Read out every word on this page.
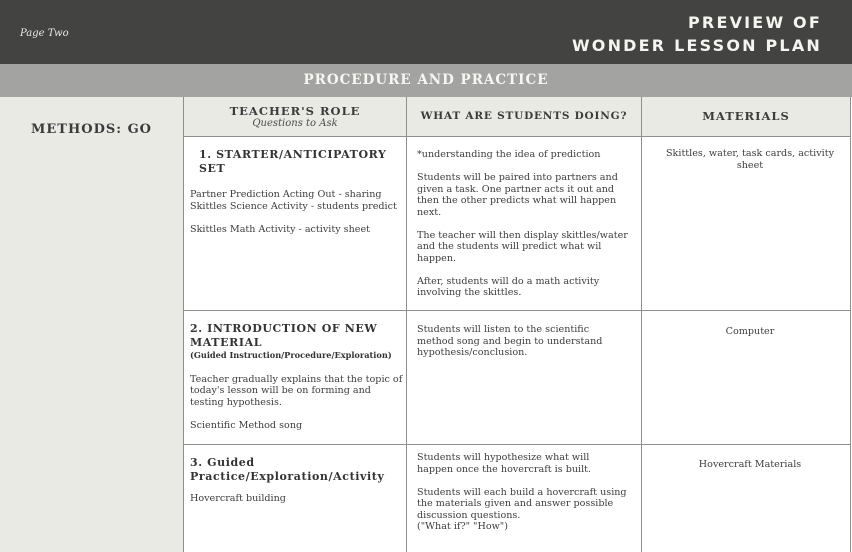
Page Two
PREVIEW OF
WONDER LESSON PLAN
PROCEDURE AND PRACTICE
METHODS: GO
TEACHER'S ROLE
Questions to Ask
WHAT ARE STUDENTS DOING?	MATERIALS
1. STARTER/ANTICIPATORY SET

Partner Prediction Acting Out - sharing Skittles Science Activity - students predict

Skittles Math Activity - activity sheet

*understanding the idea of prediction

Students will be paired into partners and given a task. One partner acts it out and then the other predicts what will happen next.

The teacher will then display skittles/water and the students will predict what wil happen.

After, students will do a math activity involving the skittles.

Skittles, water, task cards, activity sheet
2. INTRODUCTION OF NEW MATERIAL
(Guided Instruction/Procedure/Exploration)

Teacher gradually explains that the topic of today's lesson will be on forming and testing hypothesis.

Scientific Method song

Students will listen to the scientific method song and begin to understand hypothesis/conclusion.

Computer
3. Guided Practice/Exploration/Activity

Hovercraft building

Students will hypothesize what will happen once the hovercraft is built.

Students will each build a hovercraft using the materials given and answer possible discussion questions.
("What if?" "How")
Hovercraft Materials
